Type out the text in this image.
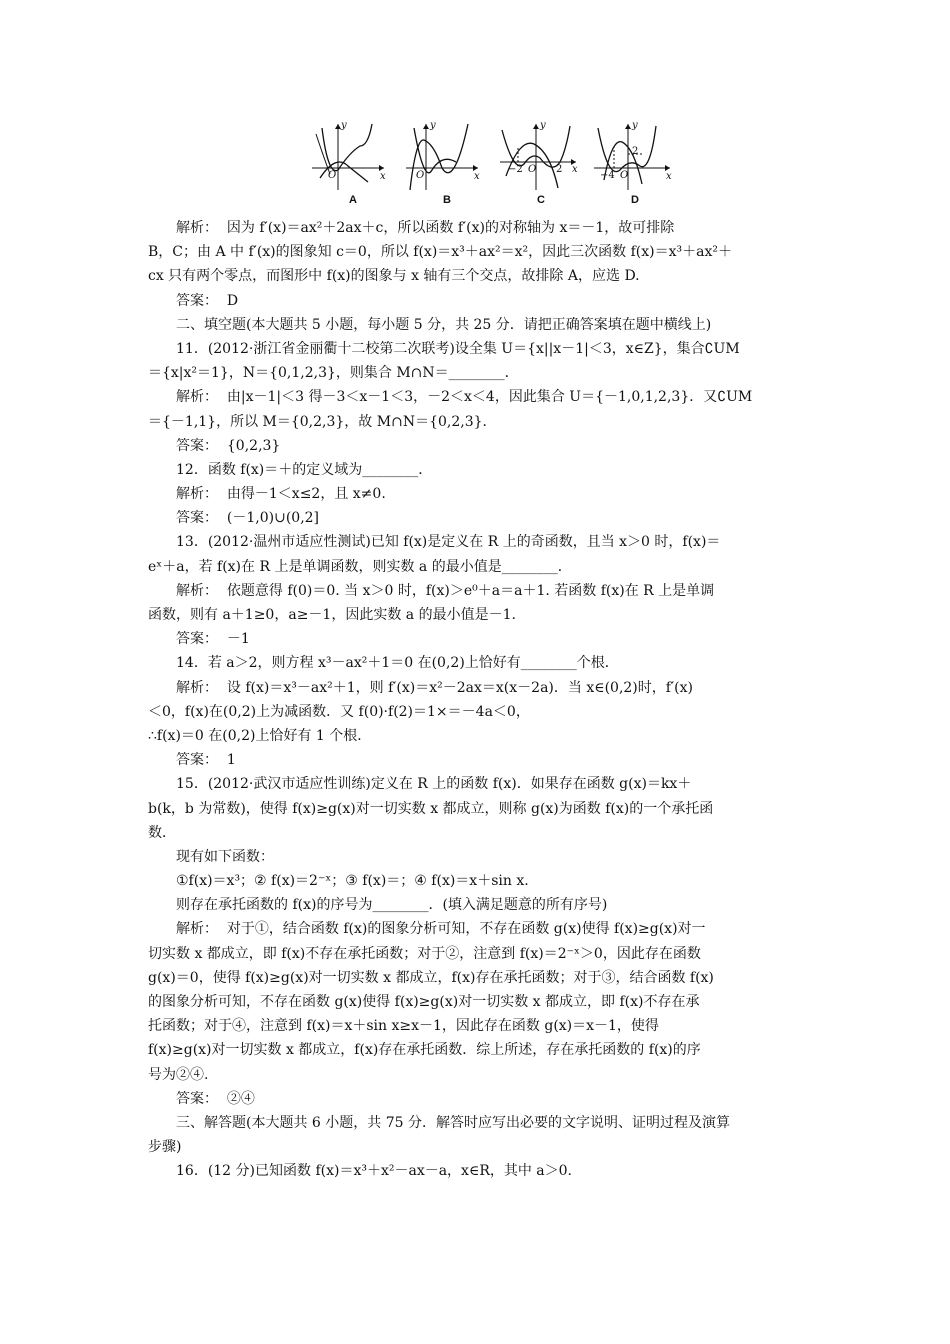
y
x
O
A
y
x
O
B
y
x
−2 O 2
C
y
x
−4 O
2
D
解析：  因为 f′(x)＝ax²＋2ax＋c，所以函数 f′(x)的对称轴为 x＝－1，故可排除
B，C；由 A 中 f′(x)的图象知 c＝0，所以 f(x)＝x³＋ax²＝x²，因此三次函数 f(x)＝x³＋ax²＋
cx 只有两个零点，而图形中 f(x)的图象与 x 轴有三个交点，故排除 A，应选 D.
答案：  D
二、填空题(本大题共 5 小题，每小题 5 分，共 25 分．请把正确答案填在题中横线上)
11．(2012·浙江省金丽衢十二校第二次联考)设全集 U＝{x||x－1|＜3，x∈Z}，集合∁UM
＝{x|x²＝1}，N＝{0,1,2,3}，则集合 M∩N＝________．
解析：  由|x－1|＜3 得－3＜x－1＜3，－2＜x＜4，因此集合 U＝{－1,0,1,2,3}．又∁UM
＝{－1,1}，所以 M＝{0,2,3}，故 M∩N＝{0,2,3}．
答案：  {0,2,3}
12．函数 f(x)＝＋的定义域为________．
解析：  由得－1＜x≤2，且 x≠0.
答案：  (－1,0)∪(0,2]
13．(2012·温州市适应性测试)已知 f(x)是定义在 R 上的奇函数，且当 x＞0 时，f(x)＝
eˣ＋a，若 f(x)在 R 上是单调函数，则实数 a 的最小值是________．
解析：  依题意得 f(0)＝0. 当 x＞0 时，f(x)＞e⁰＋a＝a＋1. 若函数 f(x)在 R 上是单调
函数，则有 a＋1≥0，a≥－1，因此实数 a 的最小值是－1.
答案：  －1
14．若 a＞2，则方程 x³－ax²＋1＝0 在(0,2)上恰好有________个根．
解析：  设 f(x)＝x³－ax²＋1，则 f′(x)＝x²－2ax＝x(x－2a)．当 x∈(0,2)时，f′(x)
＜0，f(x)在(0,2)上为减函数．又 f(0)·f(2)＝1×＝－4a＜0，
∴f(x)＝0 在(0,2)上恰好有 1 个根．
答案：  1
15．(2012·武汉市适应性训练)定义在 R 上的函数 f(x)．如果存在函数 g(x)＝kx＋
b(k，b 为常数)，使得 f(x)≥g(x)对一切实数 x 都成立，则称 g(x)为函数 f(x)的一个承托函
数．
现有如下函数：
①f(x)＝x³；② f(x)＝2⁻ˣ；③ f(x)＝；④ f(x)＝x＋sin x.
则存在承托函数的 f(x)的序号为________．(填入满足题意的所有序号)
解析：  对于①，结合函数 f(x)的图象分析可知，不存在函数 g(x)使得 f(x)≥g(x)对一
切实数 x 都成立，即 f(x)不存在承托函数；对于②，注意到 f(x)＝2⁻ˣ＞0，因此存在函数
g(x)＝0，使得 f(x)≥g(x)对一切实数 x 都成立，f(x)存在承托函数；对于③，结合函数 f(x)
的图象分析可知，不存在函数 g(x)使得 f(x)≥g(x)对一切实数 x 都成立，即 f(x)不存在承
托函数；对于④，注意到 f(x)＝x＋sin x≥x－1，因此存在函数 g(x)＝x－1，使得
f(x)≥g(x)对一切实数 x 都成立，f(x)存在承托函数．综上所述，存在承托函数的 f(x)的序
号为②④.
答案：  ②④
三、解答题(本大题共 6 小题，共 75 分．解答时应写出必要的文字说明、证明过程及演算
步骤)
16．(12 分)已知函数 f(x)＝x³＋x²－ax－a，x∈R，其中 a＞0.
